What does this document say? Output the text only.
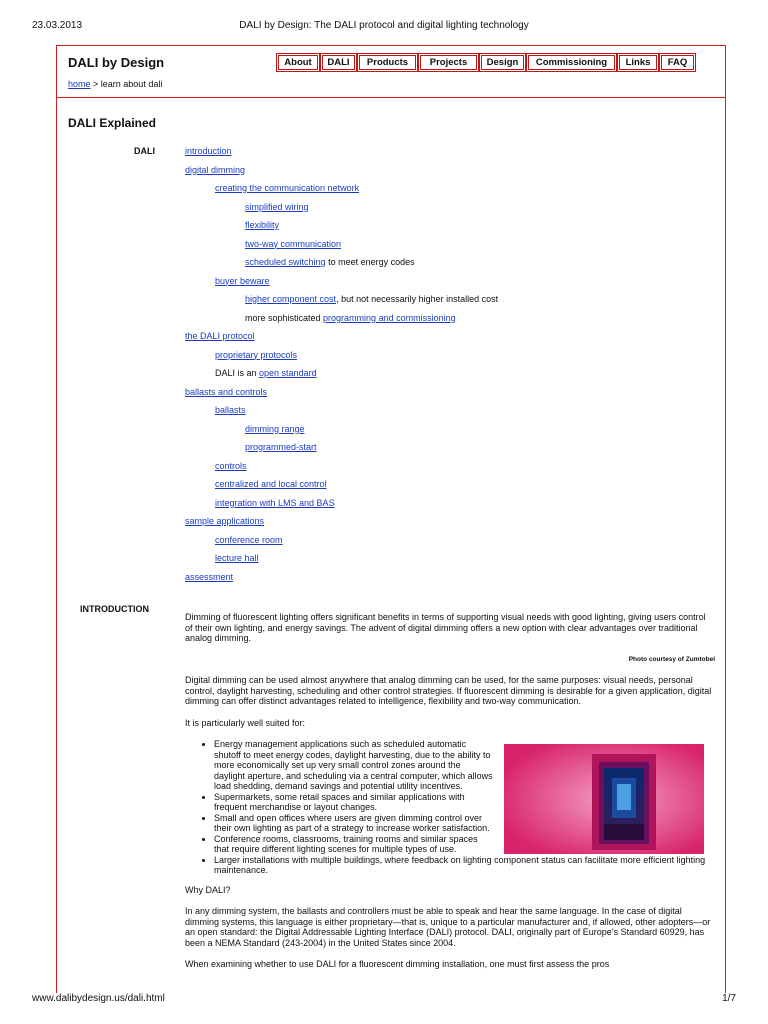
23.03.2013	DALI by Design: The DALI protocol and digital lighting technology
DALI by Design	About	DALI	Products	Projects	Design	Commissioning	Links	FAQ
home > learn about dali
DALI Explained
DALI	introduction
digital dimming
creating the communication network
simplified wiring
flexibility
two-way communication
scheduled switching to meet energy codes
buyer beware
higher component cost, but not necessarily higher installed cost
more sophisticated programming and commissioning
the DALI protocol
proprietary protocols
DALI is an open standard
ballasts and controls
ballasts
dimming range
programmed-start
controls
centralized and local control
integration with LMS and BAS
sample applications
conference room
lecture hall
assessment
INTRODUCTION

Dimming of fluorescent lighting offers significant benefits in terms of supporting visual needs with good lighting, giving users control of their own lighting, and energy savings. The advent of digital dimming offers a new option with clear advantages over traditional analog dimming.

Photo courtesy of Zumtobel

Digital dimming can be used almost anywhere that analog dimming can be used, for the same purposes: visual needs, personal control, daylight harvesting, scheduling and other control strategies. If fluorescent dimming is desirable for a given application, digital dimming can offer distinct advantages related to intelligence, flexibility and two-way communication.

It is particularly well suited for:

• Energy management applications such as scheduled automatic shutoff to meet energy codes, daylight harvesting, due to the ability to more economically set up very small control zones around the daylight aperture, and scheduling via a central computer, which allows load shedding, demand savings and potential utility incentives.
• Supermarkets, some retail spaces and similar applications with frequent merchandise or layout changes.
• Small and open offices where users are given dimming control over their own lighting as part of a strategy to increase worker satisfaction.
• Conference rooms, classrooms, training rooms and similar spaces that require different lighting scenes for multiple types of use.
• Larger installations with multiple buildings, where feedback on lighting component status can facilitate more efficient lighting maintenance.

Why DALI?

In any dimming system, the ballasts and controllers must be able to speak and hear the same language. In the case of digital dimming systems, this language is either proprietary—that is, unique to a particular manufacturer and, if allowed, other adopters—or an open standard: the Digital Addressable Lighting Interface (DALI) protocol. DALI, originally part of Europe’s Standard 60929, has been a NEMA Standard (243-2004) in the United States since 2004.

When examining whether to use DALI for a fluorescent dimming installation, one must first assess the pros

www.dalibydesign.us/dali.html	1/7
